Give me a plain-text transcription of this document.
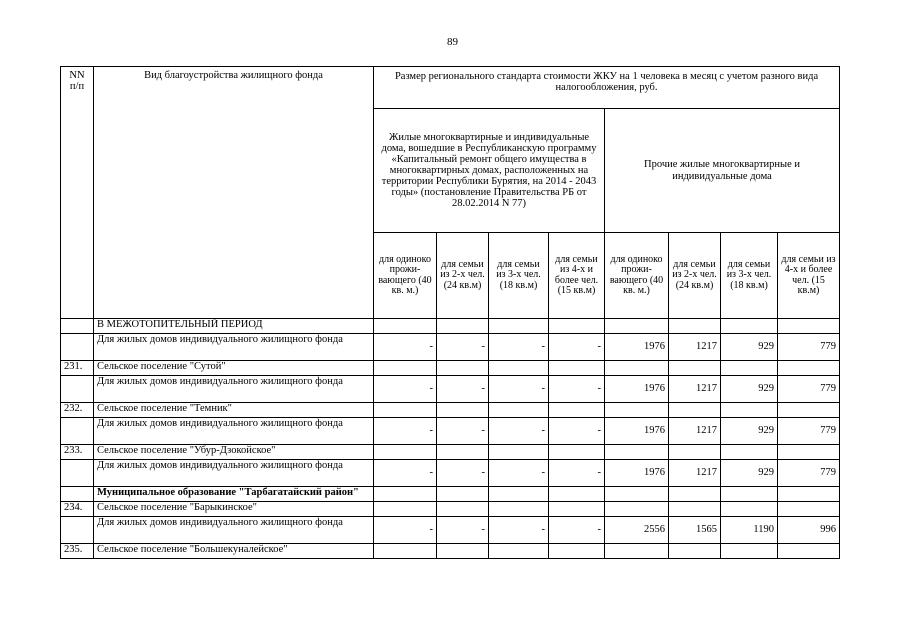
89
NN п/п	Вид благоустройства жилищного фонда	Размер регионального стандарта стоимости ЖКУ на 1 человека в месяц с учетом разного вида налогообложения, руб.							
		Жилые многоквартирные и индивидуальные дома, вошедшие в Республиканскую программу «Капитальный ремонт общего имущества в многоквартирных домах, расположенных на территории Республики Бурятия, на 2014 - 2043 годы» (постановление Правительства РБ от 28.02.2014 N 77)				Прочие жилые многоквартирные и индивидуальные дома			
		для одиноко прожи-вающего (40 кв. м.)	для семьи из 2-х чел. (24 кв.м)	для семьи из 3-х чел. (18 кв.м)	для семьи из 4-х и более чел. (15 кв.м)	для одиноко прожи-вающего (40 кв. м.)	для семьи из 2-х чел. (24 кв.м)	для семьи из 3-х чел. (18 кв.м)	для семьи из 4-х и более чел. (15 кв.м)
	В МЕЖОТОПИТЕЛЬНЫЙ ПЕРИОД								
	Для жилых домов индивидуального жилищного фонда	-	-	-	-	1976	1217	929	779
231.	Сельское поселение "Сутой"								
	Для жилых домов индивидуального жилищного фонда	-	-	-	-	1976	1217	929	779
232.	Сельское поселение "Темник"								
	Для жилых домов индивидуального жилищного фонда	-	-	-	-	1976	1217	929	779
233.	Сельское поселение "Убур-Дзокойское"								
	Для жилых домов индивидуального жилищного фонда	-	-	-	-	1976	1217	929	779
	Муниципальное образование "Тарбагатайский район"								
234.	Сельское поселение "Барыкинское"								
	Для жилых домов индивидуального жилищного фонда	-	-	-	-	2556	1565	1190	996
235.	Сельское поселение "Большекуналейское"								
